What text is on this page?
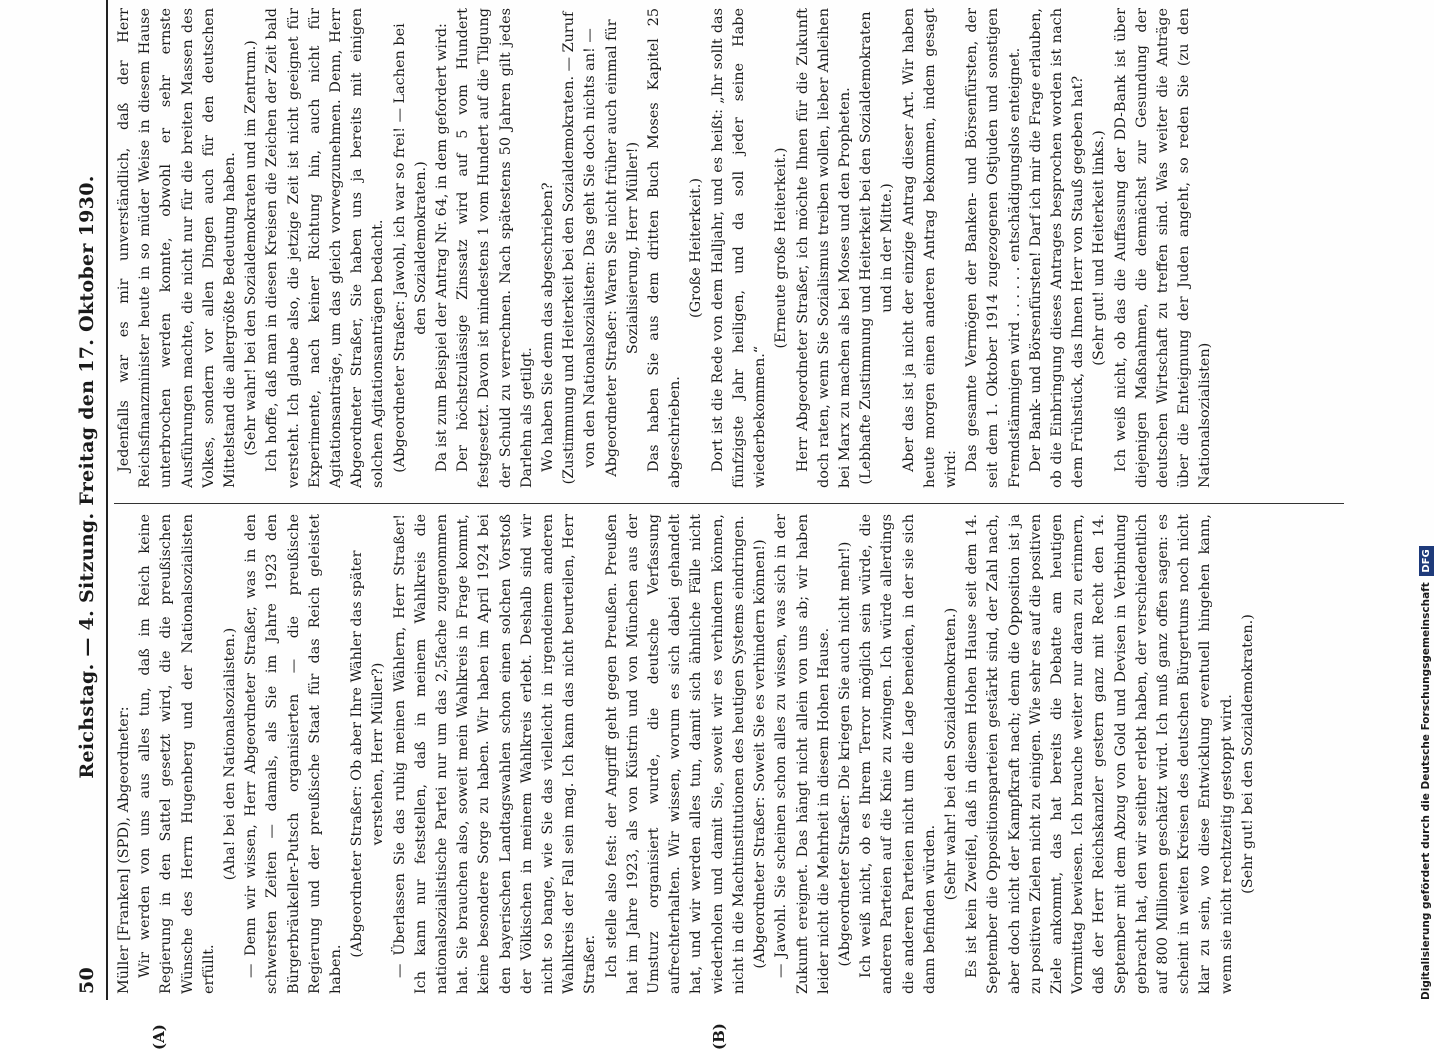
50
Reichstag. — 4. Sitzung. Freitag den 17. Oktober 1930.
(A)	(B)

Müller [Franken] (SPD), Abgeordneter: Wir werden von uns aus alles tun, daß im Reich keine Regierung in den Sattel gesetzt wird, die die preußischen Wünsche des Herrn Hugenberg und der Nationalsozialisten erfüllt.

(Aha! bei den Nationalsozialisten.) — Denn wir wissen, Herr Abgeordneter Straßer, was in den schwersten Zeiten — damals, als Sie im Jahre 1923 den Bürgerbräukeller-Putsch organisierten — die preußische Regierung und der preußische Staat für das Reich geleistet haben.

(Abgeordneter Straßer: Ob aber Ihre Wähler das später verstehen, Herr Müller?) — Überlassen Sie das ruhig meinen Wählern, Herr Straßer! Ich kann nur feststellen, daß in meinem Wahlkreis die nationalsozialistische Partei nur um das 2,5fache zugenommen hat. Sie brauchen also, soweit mein Wahlkreis in Frage kommt, keine besondere Sorge zu haben. Wir haben im April 1924 bei den bayerischen Landtagswahlen schon einen solchen Vorstoß der Völkischen in meinem Wahlkreis erlebt. Deshalb sind wir nicht so bange, wie Sie das vielleicht in irgendeinem anderen Wahlkreis der Fall sein mag. Ich kann das nicht beurteilen, Herr Straßer. Ich stelle also fest: der Angriff geht gegen Preußen. Preußen hat im Jahre 1923, als von Küstrin und von München aus der Umsturz organisiert wurde, die deutsche Verfassung aufrechterhalten. Wir wissen, worum es sich dabei gehandelt hat, und wir werden alles tun, damit sich ähnliche Fälle nicht wiederholen und damit Sie, soweit wir es verhindern können, nicht in die Machtinstitutionen des heutigen Systems eindringen. (Abgeordneter Straßer: Soweit Sie es verhindern können!) — Jawohl. Sie scheinen schon alles zu wissen, was sich in der Zukunft ereignet. Das hängt nicht allein von uns ab; wir haben leider nicht die Mehrheit in diesem Hohen Hause. (Abgeordneter Straßer: Die kriegen Sie auch nicht mehr!) Ich weiß nicht, ob es Ihrem Terror möglich sein würde, die anderen Parteien auf die Knie zu zwingen. Ich würde allerdings die anderen Parteien nicht um die Lage beneiden, in der sie sich dann befinden würden.

(Sehr wahr! bei den Sozialdemokraten.) Es ist kein Zweifel, daß in diesem Hohen Hause seit dem 14. September die Oppositionsparteien gestärkt sind, der Zahl nach, aber doch nicht der Kampfkraft nach; denn die Opposition ist ja zu positiven Zielen nicht zu einigen. Wie sehr es auf die positiven Ziele ankommt, das hat bereits die Debatte am heutigen Vormittag bewiesen. Ich brauche weiter nur daran zu erinnern, daß der Herr Reichskanzler gestern ganz mit Recht den 14. September mit dem Abzug von Gold und Devisen in Verbindung gebracht hat, den wir seither erlebt haben, der verschiedentlich auf 800 Millionen geschätzt wird. Ich muß ganz offen sagen: es scheint in weiten Kreisen des deutschen Bürgertums noch nicht klar zu sein, wo diese Entwicklung eventuell hingehen kann, wenn sie nicht rechtzeitig gestoppt wird. (Sehr gut! bei den Sozialdemokraten.)

Jedenfalls war es mir unverständlich, daß der Herr Reichsfinanzminister heute in so müder Weise in diesem Hause unterbrochen werden konnte, obwohl er sehr ernste Ausführungen machte, die nicht nur für die breiten Massen des Volkes, sondern vor allen Dingen auch für den deutschen Mittelstand die allergrößte Bedeutung haben. (Sehr wahr! bei den Sozialdemokraten und im Zentrum.) Ich hoffe, daß man in diesen Kreisen die Zeichen der Zeit bald versteht. Ich glaube also, die jetzige Zeit ist nicht geeignet für Experimente, nach keiner Richtung hin, auch nicht für Agitationsanträge, um das gleich vorwegzunehmen. Denn, Herr Abgeordneter Straßer, Sie haben uns ja bereits mit einigen solchen Agitationsanträgen bedacht. (Abgeordneter Straßer: Jawohl, ich war so frei! — Lachen bei den Sozialdemokraten.) Da ist zum Beispiel der Antrag Nr. 64, in dem gefordert wird: Der höchstzulässige Zinssatz wird auf 5 vom Hundert festgesetzt. Davon ist mindestens 1 vom Hundert auf die Tilgung der Schuld zu verrechnen. Nach spätestens 50 Jahren gilt jedes Darlehn als getilgt. Wo haben Sie denn das abgeschrieben? (Zustimmung und Heiterkeit bei den Sozialdemokraten. — Zuruf von den Nationalsozialisten: Das geht Sie doch nichts an! — Abgeordneter Straßer: Waren Sie nicht früher auch einmal für Sozialisierung, Herr Müller!) Das haben Sie aus dem dritten Buch Moses Kapitel 25 abgeschrieben.

(Große Heiterkeit.) Dort ist die Rede von dem Halljahr, und es heißt: „Ihr sollt das fünfzigste Jahr heiligen, und da soll jeder seine Habe wiederbekommen.“

(Erneute große Heiterkeit.) Herr Abgeordneter Straßer, ich möchte Ihnen für die Zukunft doch raten, wenn Sie Sozialismus treiben wollen, lieber Anleihen bei Marx zu machen als bei Moses und den Propheten. (Lebhafte Zustimmung und Heiterkeit bei den Sozialdemokraten und in der Mitte.) Aber das ist ja nicht der einzige Antrag dieser Art. Wir haben heute morgen einen anderen Antrag bekommen, indem gesagt wird: Das gesamte Vermögen der Banken- und Börsenfürsten, der seit dem 1. Oktober 1914 zugezogenen Ostjuden und sonstigen Fremdstämmigen wird . . . . . . entschädigungslos enteignet. Der Bank- und Börsenfürsten! Darf ich mir die Frage erlauben, ob die Einbringung dieses Antrages besprochen worden ist nach dem Frühstück, das Ihnen Herr von Stauß gegeben hat? (Sehr gut! und Heiterkeit links.) Ich weiß nicht, ob das die Auffassung der DD-Bank ist über diejenigen Maßnahmen, die demnächst zur Gesundung der deutschen Wirtschaft zu treffen sind. Was weiter die Anträge über die Enteignung der Juden angeht, so reden Sie (zu den Nationalsozialisten)

Digitalisierung gefördert durch die Deutsche Forschungsgemeinschaft DFG
